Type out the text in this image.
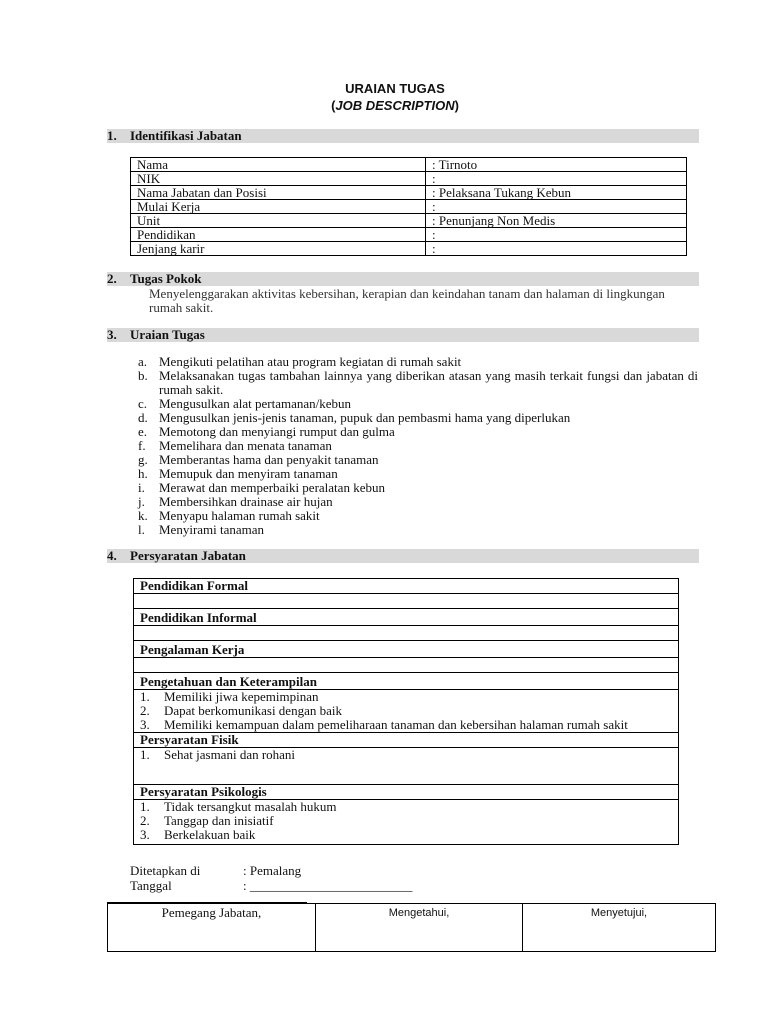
URAIAN TUGAS
(JOB DESCRIPTION)
1. Identifikasi Jabatan
Nama	: Tirnoto
NIK	:
Nama Jabatan dan Posisi	: Pelaksana Tukang Kebun
Mulai Kerja	:
Unit	: Penunjang Non Medis
Pendidikan	:
Jenjang karir	:
2. Tugas Pokok
Menyelenggarakan aktivitas kebersihan, kerapian dan keindahan tanam dan halaman di lingkungan rumah sakit.
3. Uraian Tugas
a. Mengikuti pelatihan atau program kegiatan di rumah sakit
b. Melaksanakan tugas tambahan lainnya yang diberikan atasan yang masih terkait fungsi dan jabatan di rumah sakit.
c. Mengusulkan alat pertamanan/kebun
d. Mengusulkan jenis-jenis tanaman, pupuk dan pembasmi hama yang diperlukan
e. Memotong dan menyiangi rumput dan gulma
f. Memelihara dan menata tanaman
g. Memberantas hama dan penyakit tanaman
h. Memupuk dan menyiram tanaman
i. Merawat dan memperbaiki peralatan kebun
j. Membersihkan drainase air hujan
k. Menyapu halaman rumah sakit
l. Menyirami tanaman
4. Persyaratan Jabatan
Pendidikan Formal

Pendidikan Informal

Pengalaman Kerja

Pengetahuan dan Keterampilan

1. Memiliki jiwa kepemimpinan
2. Dapat berkomunikasi dengan baik
3. Memiliki kemampuan dalam pemeliharaan tanaman dan kebersihan halaman rumah sakit

Persyaratan Fisik

1. Sehat jasmani dan rohani

Persyaratan Psikologis

1. Tidak tersangkut masalah hukum
2. Tanggap dan inisiatif
3. Berkelakuan baik
Ditetapkan di	: Pemalang
Tanggal	: _________________________
Pemegang Jabatan,	Mengetahui,	Menyetujui,
